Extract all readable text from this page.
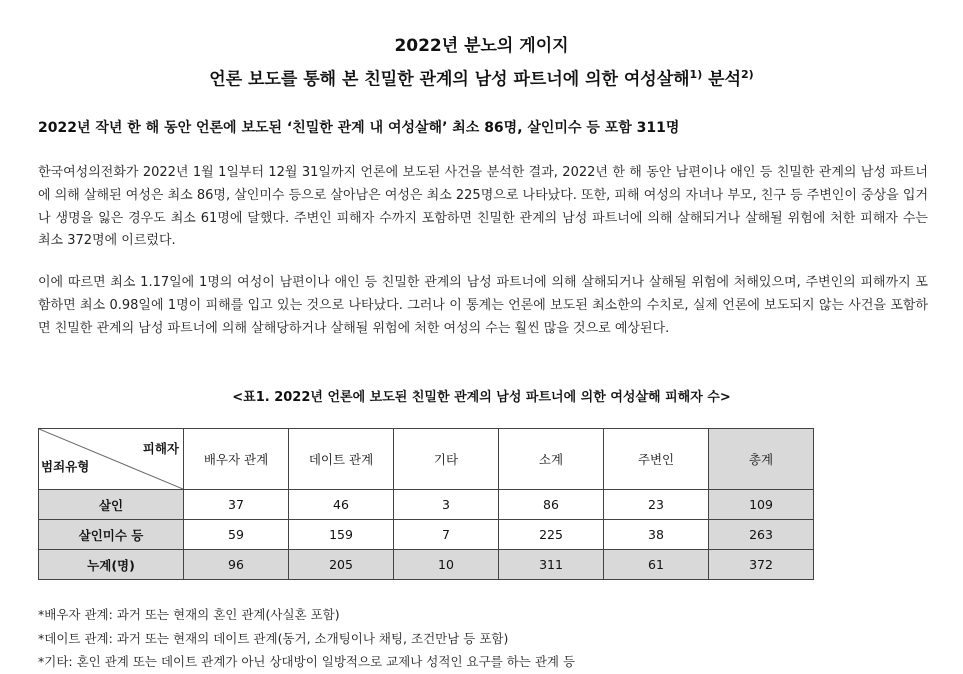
2022년 분노의 게이지
언론 보도를 통해 본 친밀한 관계의 남성 파트너에 의한 여성살해$^{1)}$ 분석$^{2)}$
2022년 작년 한 해 동안 언론에 보도된 ‘친밀한 관계 내 여성살해’ 최소 86명, 살인미수 등 포함 311명

한국여성의전화가 2022년 1월 1일부터 12월 31일까지 언론에 보도된 사건을 분석한 결과, 2022년 한 해 동안 남편이나 애인 등 친밀한 관계의 남성 파트너에 의해 살해된 여성은 최소 86명, 살인미수 등으로 살아남은 여성은 최소 225명으로 나타났다. 또한, 피해 여성의 자녀나 부모, 친구 등 주변인이 중상을 입거나 생명을 잃은 경우도 최소 61명에 달했다. 주변인 피해자 수까지 포함하면 친밀한 관계의 남성 파트너에 의해 살해되거나 살해될 위험에 처한 피해자 수는 최소 372명에 이르렀다.

이에 따르면 최소 1.17일에 1명의 여성이 남편이나 애인 등 친밀한 관계의 남성 파트너에 의해 살해되거나 살해될 위험에 처해있으며, 주변인의 피해까지 포함하면 최소 0.98일에 1명이 피해를 입고 있는 것으로 나타났다. 그러나 이 통계는 언론에 보도된 최소한의 수치로, 실제 언론에 보도되지 않는 사건을 포함하면 친밀한 관계의 남성 파트너에 의해 살해당하거나 살해될 위험에 처한 여성의 수는 훨씬 많을 것으로 예상된다.

<표1. 2022년 언론에 보도된 친밀한 관계의 남성 파트너에 의한 여성살해 피해자 수>
피해자
범죄유형	배우자 관계	데이트 관계	기타	소계	주변인	총계
살인	37	46	3	86	23	109
살인미수 등	59	159	7	225	38	263
누계(명)	96	205	10	311	61	372
*배우자 관계: 과거 또는 현재의 혼인 관계(사실혼 포함)
*데이트 관계: 과거 또는 현재의 데이트 관계(동거, 소개팅이나 채팅, 조건만남 등 포함)
*기타: 혼인 관계 또는 데이트 관계가 아닌 상대방이 일방적으로 교제나 성적인 요구를 하는 관계 등
